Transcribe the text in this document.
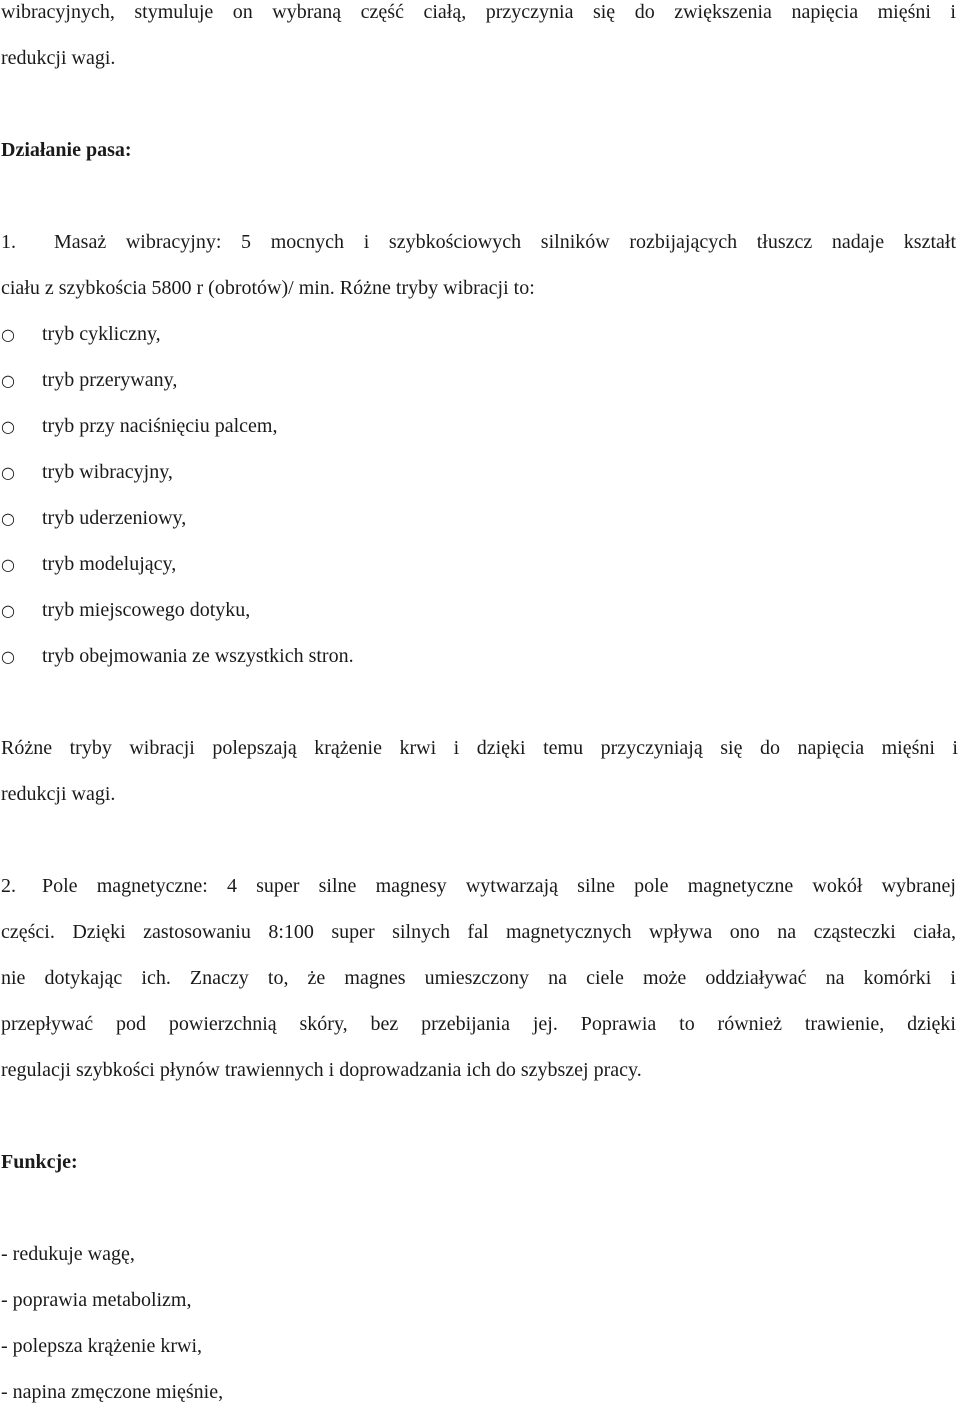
wibracyjnych, stymuluje on wybraną część ciałą, przyczynia się do zwiększenia napięcia mięśni i
redukcji wagi.
Działanie pasa:
1. Masaż wibracyjny: 5 mocnych i szybkościowych silników rozbijających tłuszcz nadaje kształt
ciału z szybkościa 5800 r (obrotów)/ min. Różne tryby wibracji to:
○ tryb cykliczny,
○ tryb przerywany,
○ tryb przy naciśnięciu palcem,
○ tryb wibracyjny,
○ tryb uderzeniowy,
○ tryb modelujący,
○ tryb miejscowego dotyku,
○ tryb obejmowania ze wszystkich stron.
Różne tryby wibracji polepszają krążenie krwi i dzięki temu przyczyniają się do napięcia mięśni i
redukcji wagi.
2. Pole magnetyczne: 4 super silne magnesy wytwarzają silne pole magnetyczne wokół wybranej
części. Dzięki zastosowaniu 8:100 super silnych fal magnetycznych wpływa ono na cząsteczki ciała,
nie dotykając ich. Znaczy to, że magnes umieszczony na ciele może oddziaływać na komórki i
przepływać pod powierzchnią skóry, bez przebijania jej. Poprawia to również trawienie, dzięki
regulacji szybkości płynów trawiennych i doprowadzania ich do szybszej pracy.
Funkcje:
- redukuje wagę,
- poprawia metabolizm,
- polepsza krążenie krwi,
- napina zmęczone mięśnie,
